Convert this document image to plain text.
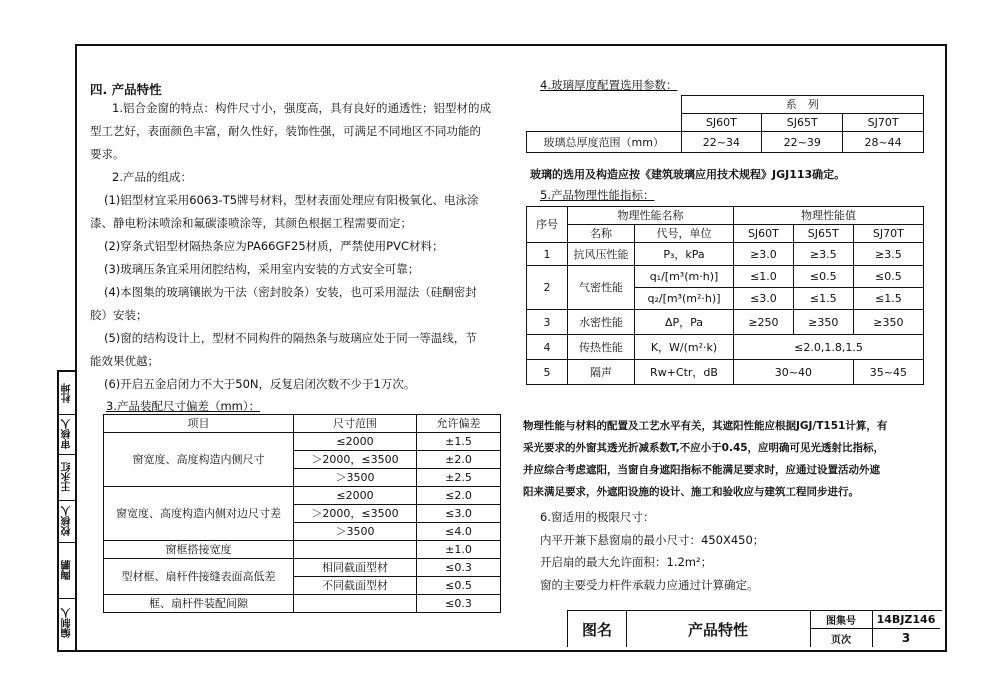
杜坤
审核人
王永红
校核人
陶鹏
编制人
四. 产品特性
1.铝合金窗的特点：构件尺寸小，强度高，具有良好的通透性；铝型材的成
型工艺好，表面颜色丰富，耐久性好，装饰性强，可满足不同地区不同功能的
要求。
2.产品的组成：
(1)铝型材宜采用6063-T5牌号材料，型材表面处理应有阳极氧化、电泳涂
漆、静电粉沫喷涂和氟碳漆喷涂等，其颜色根据工程需要而定；
(2)穿条式铝型材隔热条应为PA66GF25材质，严禁使用PVC材料；
(3)玻璃压条宜采用闭腔结构，采用室内安装的方式安全可靠；
(4)本图集的玻璃镶嵌为干法（密封胶条）安装，也可采用湿法（硅酮密封
胶）安装；
(5)窗的结构设计上，型材不同构件的隔热条与玻璃应处于同一等温线，节
能效果优越；
(6)开启五金启闭力不大于50N，反复启闭次数不少于1万次。
3.产品装配尺寸偏差（mm）：
项目	尺寸范围	允许偏差
窗宽度、高度构造内侧尺寸	≤2000	±1.5
	＞2000，≤3500	±2.0
	＞3500	±2.5
窗宽度、高度构造内侧对边尺寸差	≤2000	≤2.0
	＞2000，≤3500	≤3.0
	＞3500	≤4.0
窗框搭接宽度		±1.0
型材框、扇杆件接缝表面高低差	相同截面型材	≤0.3
	不同截面型材	≤0.5
框、扇杆件装配间隙		≤0.3
4.玻璃厚度配置选用参数：
	系　列		
	SJ60T	SJ65T	SJ70T
玻璃总厚度范围（mm）	22~34	22~39	28~44
玻璃的选用及构造应按《建筑玻璃应用技术规程》JGJ113确定。
5.产品物理性能指标：
序号	物理性能名称		物理性能值		
	名称	代号，单位	SJ60T	SJ65T	SJ70T
1	抗风压性能	P₃，kPa	≥3.0	≥3.5	≥3.5
2	气密性能	q₁/[m³(m·h)]	≤1.0	≤0.5	≤0.5
		q₂/[m³(m²·h)]	≤3.0	≤1.5	≤1.5
3	水密性能	ΔP，Pa	≥250	≥350	≥350
4	传热性能	K，W/(m²·k)	≤2.0,1.8,1.5		
5	隔声	Rw+Ctr，dB	30~40		35~45
物理性能与材料的配置及工艺水平有关，其遮阳性能应根据JGJ/T151计算，有
采光要求的外窗其透光折减系数T,不应小于0.45，应明确可见光透射比指标，
并应综合考虑遮阳，当窗自身遮阳指标不能满足要求时，应通过设置活动外遮
阳来满足要求，外遮阳设施的设计、施工和验收应与建筑工程同步进行。
6.窗适用的极限尺寸：
内平开兼下悬窗扇的最小尺寸：450X450；
开启扇的最大允许面积：1.2m²；
窗的主要受力杆件承载力应通过计算确定。
图名	产品特性	图集号	14BJZ146
页次	3
